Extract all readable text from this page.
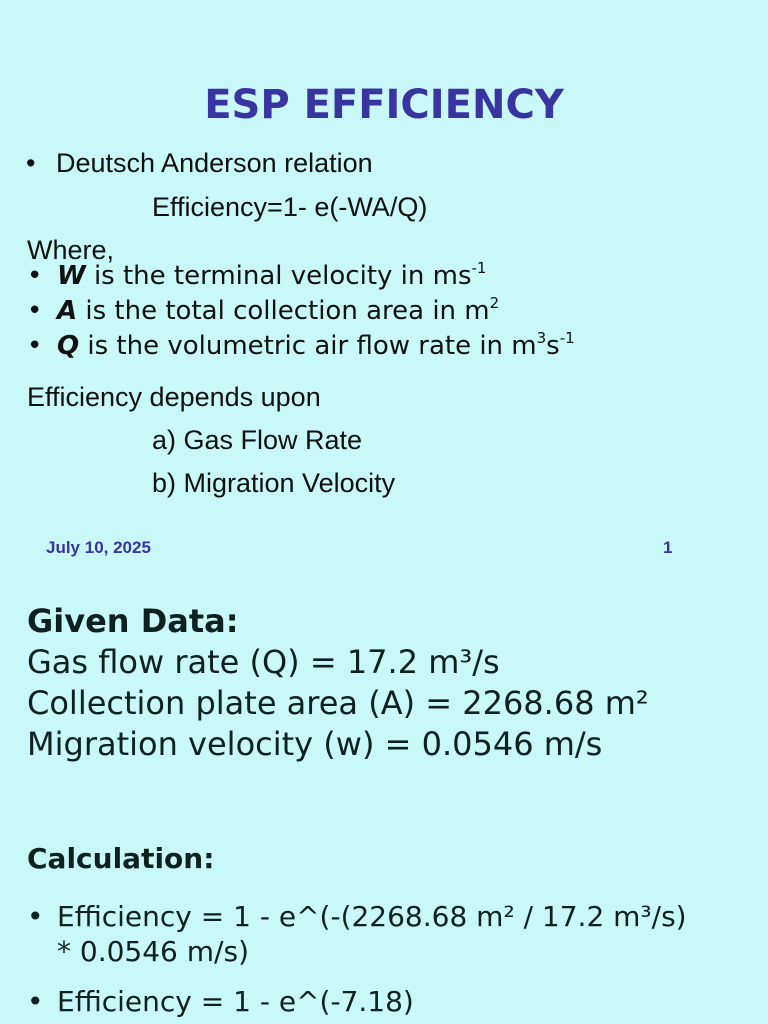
ESP EFFICIENCY
• Deutsch Anderson relation
Efficiency=1- e(-WA/Q)
Where,
• W is the terminal velocity in $ms^{-1}$
• A is the total collection area in $m^2$
• Q is the volumetric air flow rate in $m^3s^{-1}$
Efficiency depends upon
a) Gas Flow Rate
b) Migration Velocity
July 10, 2025	1
Given Data:
Gas flow rate (Q) = 17.2 m³/s
Collection plate area (A) = 2268.68 m²
Migration velocity (w) = 0.0546 m/s
Calculation:
• Efficiency = 1 - e^(-(2268.68 m² / 17.2 m³/s)
* 0.0546 m/s)
• Efficiency = 1 - e^(-7.18)
